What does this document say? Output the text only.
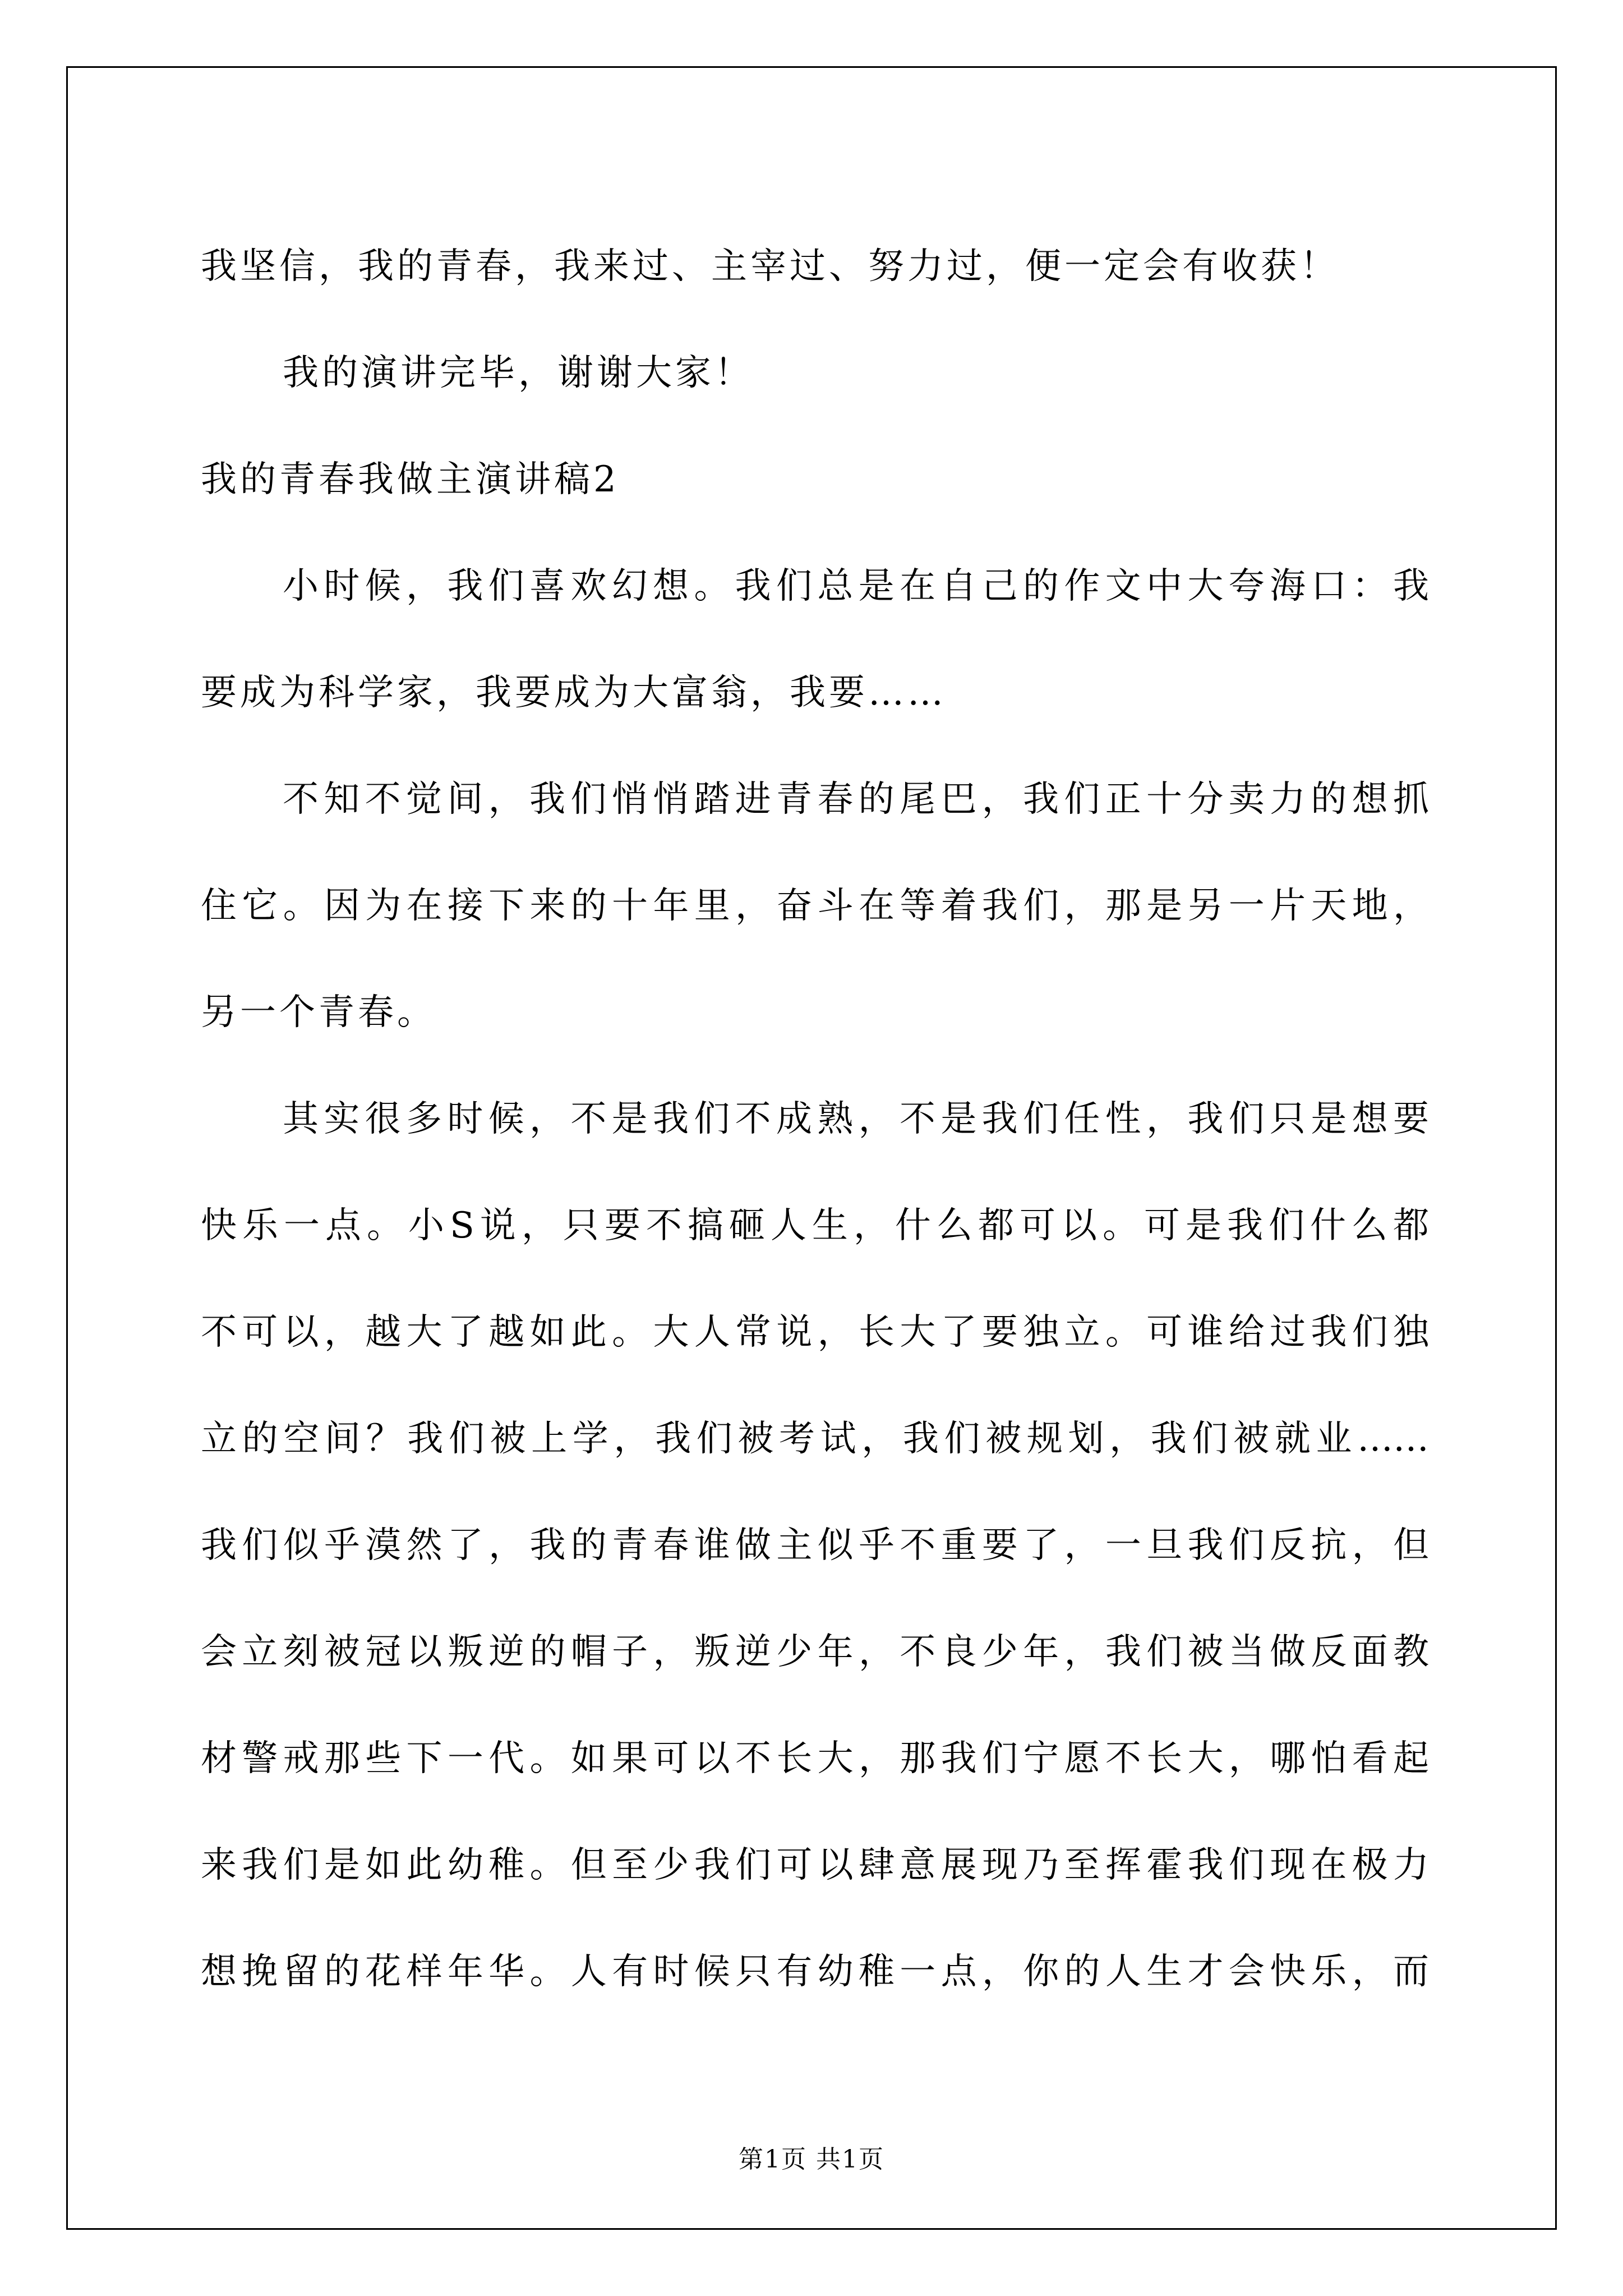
我坚信，我的青春，我来过、主宰过、努力过，便一定会有收获！
我的演讲完毕，谢谢大家！
我的青春我做主演讲稿2
小时候，我们喜欢幻想。我们总是在自己的作文中大夸海口：我
要成为科学家，我要成为大富翁，我要……
不知不觉间，我们悄悄踏进青春的尾巴，我们正十分卖力的想抓
住它。因为在接下来的十年里，奋斗在等着我们，那是另一片天地，
另一个青春。
其实很多时候，不是我们不成熟，不是我们任性，我们只是想要
快乐一点。小S说，只要不搞砸人生，什么都可以。可是我们什么都
不可以，越大了越如此。大人常说，长大了要独立。可谁给过我们独
立的空间？我们被上学，我们被考试，我们被规划，我们被就业……
我们似乎漠然了，我的青春谁做主似乎不重要了，一旦我们反抗，但
会立刻被冠以叛逆的帽子，叛逆少年，不良少年，我们被当做反面教
材警戒那些下一代。如果可以不长大，那我们宁愿不长大，哪怕看起
来我们是如此幼稚。但至少我们可以肆意展现乃至挥霍我们现在极力
想挽留的花样年华。人有时候只有幼稚一点，你的人生才会快乐，而
第1页 共1页
